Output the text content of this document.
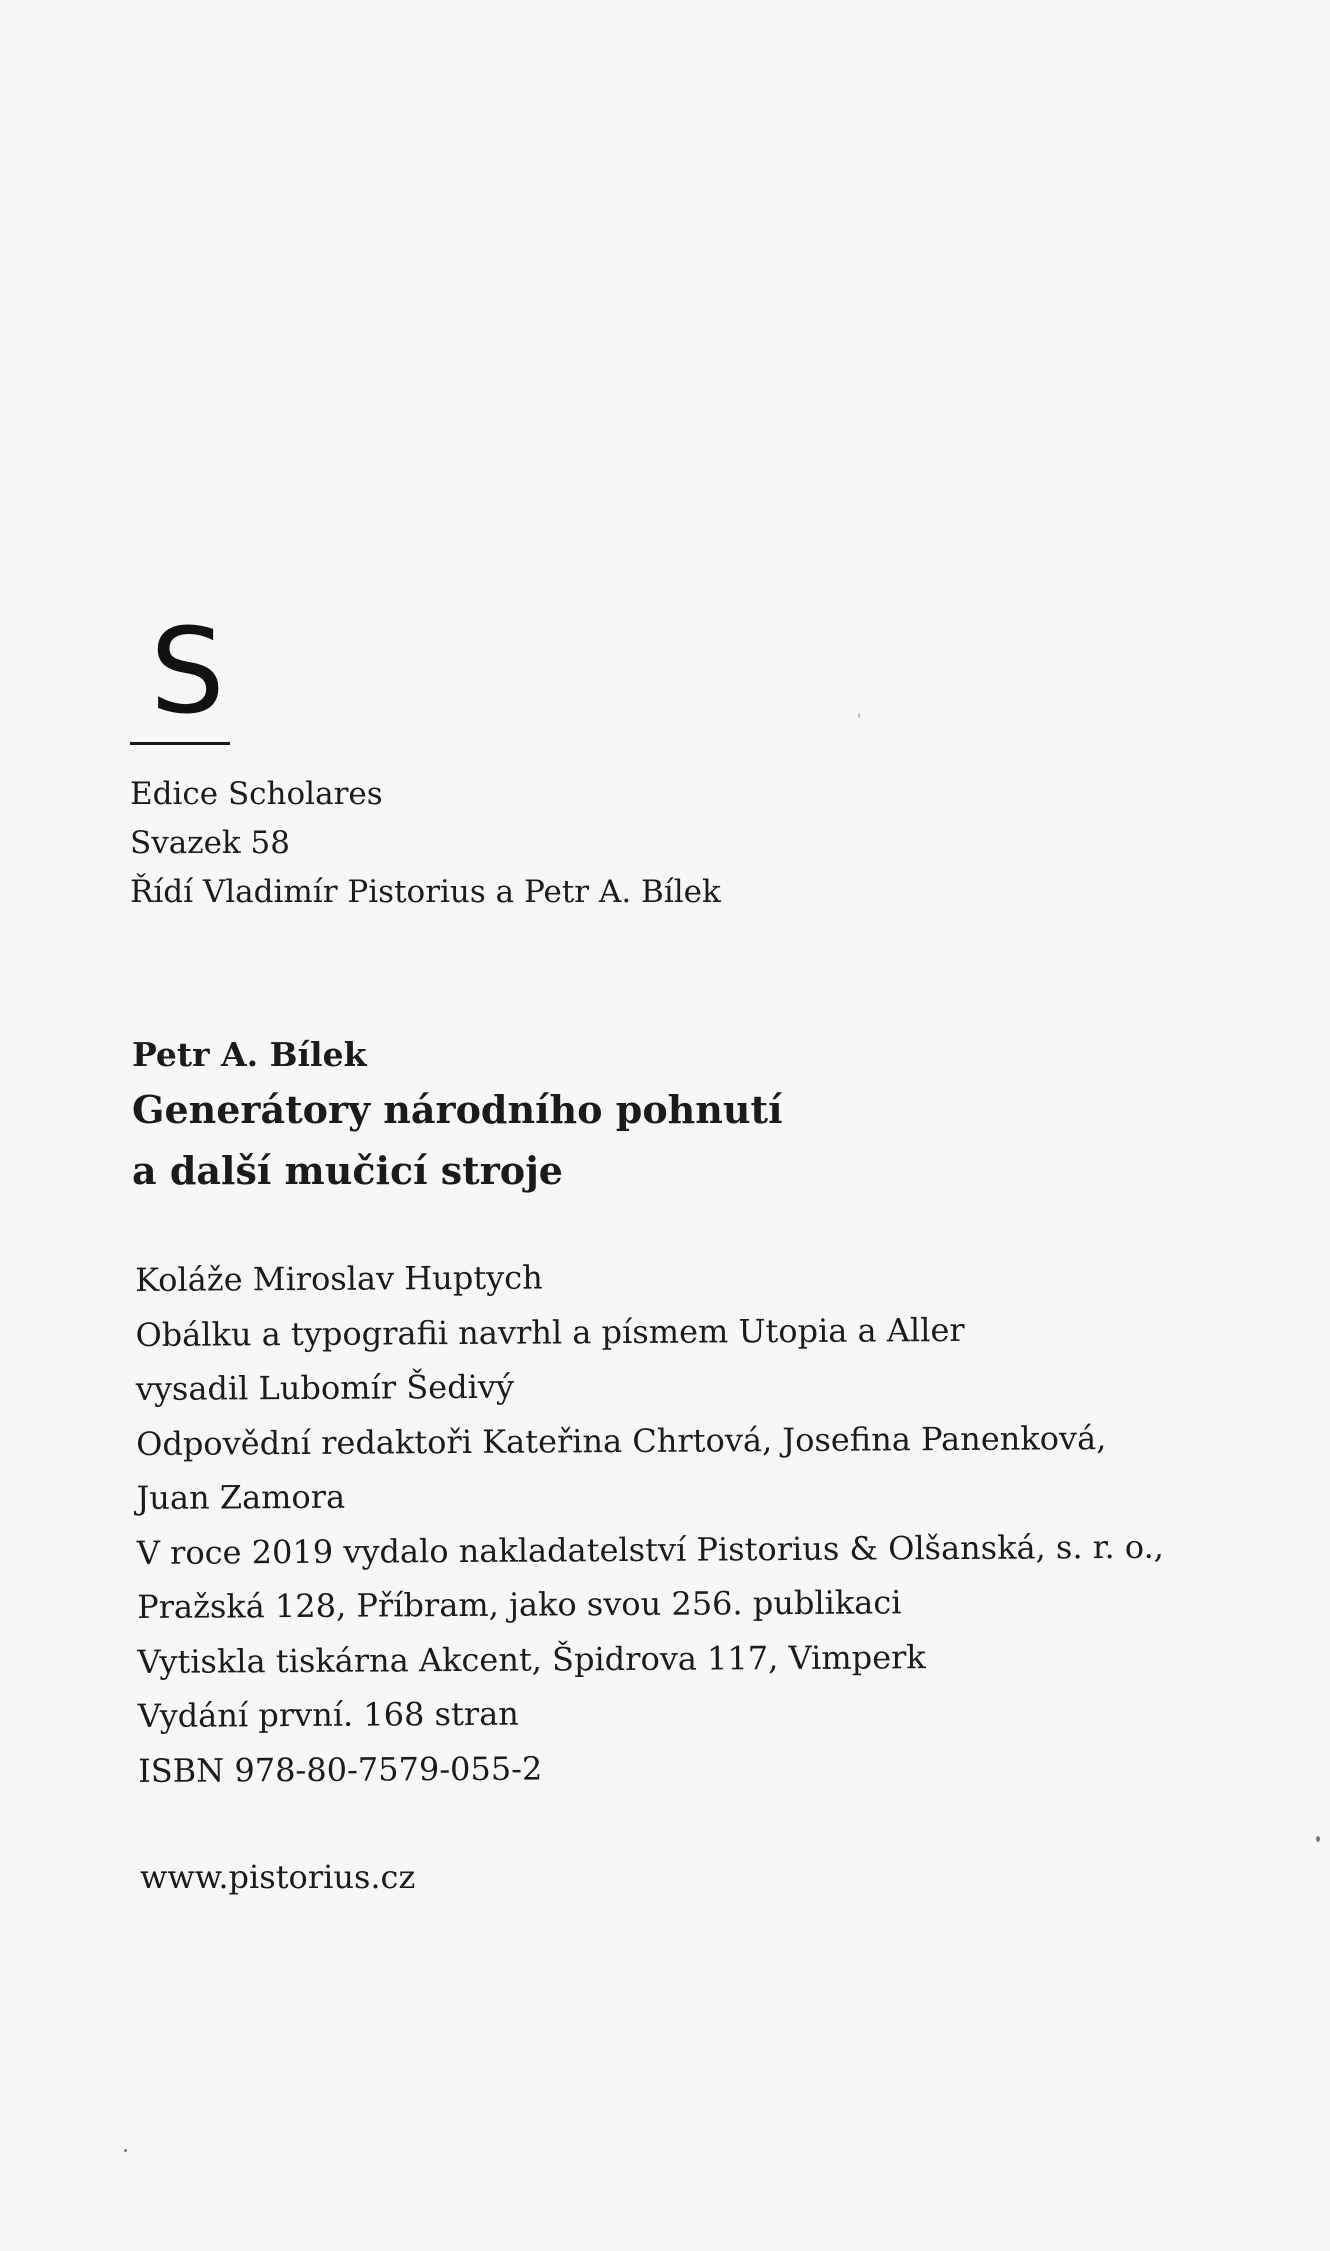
S
Edice Scholares
Svazek 58
Řídí Vladimír Pistorius a Petr A. Bílek
Petr A. Bílek
Generátory národního pohnutí
a další mučicí stroje
Koláže Miroslav Huptych
Obálku a typografii navrhl a písmem Utopia a Aller
vysadil Lubomír Šedivý
Odpovědní redaktoři Kateřina Chrtová, Josefina Panenková,
Juan Zamora
V roce 2019 vydalo nakladatelství Pistorius & Olšanská, s. r. o.,
Pražská 128, Příbram, jako svou 256. publikaci
Vytiskla tiskárna Akcent, Špidrova 117, Vimperk
Vydání první. 168 stran
ISBN 978-80-7579-055-2
www.pistorius.cz
